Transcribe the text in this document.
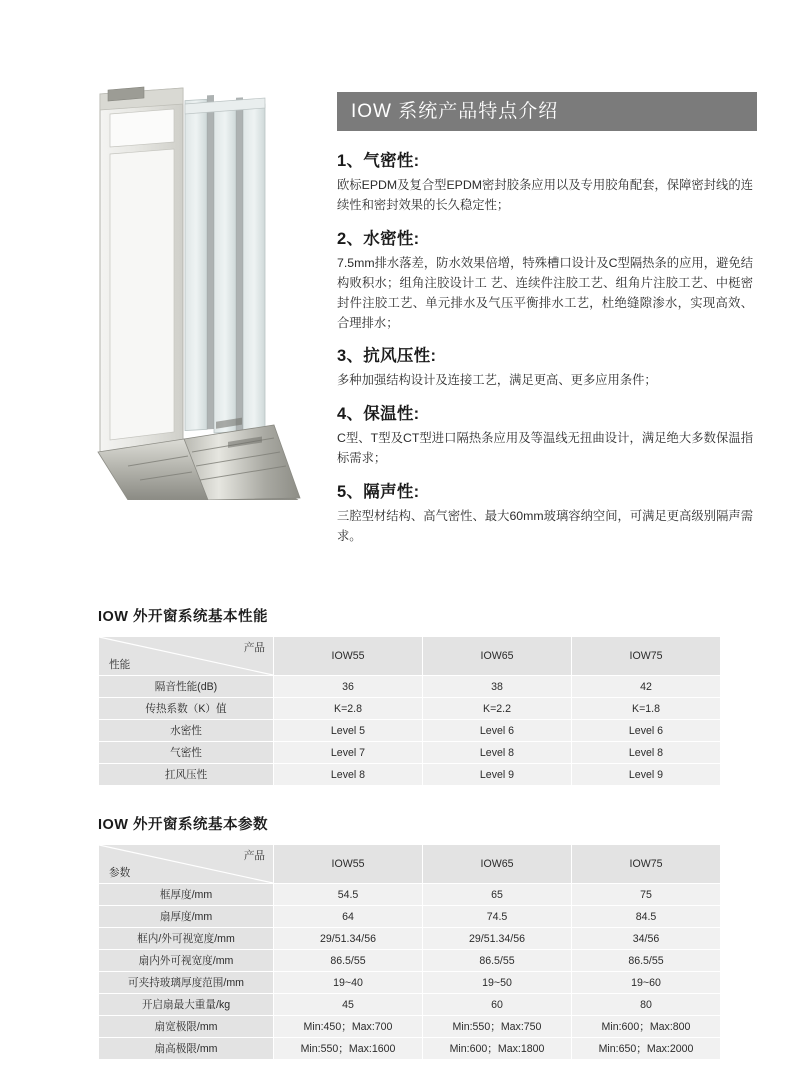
IOW 系统产品特点介绍
1、气密性:

欧标EPDM及复合型EPDM密封胶条应用以及专用胶角配套，保障密封线的连续性和密封效果的长久稳定性；

2、水密性:

7.5mm排水落差，防水效果倍增，特殊槽口设计及C型隔热条的应用，避免结构败积水；组角注胶设计工 艺、连续件注胶工艺、组角片注胶工艺、中梃密封件注胶工艺、单元排水及气压平衡排水工艺，杜绝缝隙渗水，实现高效、合理排水；

3、抗风压性:

多种加强结构设计及连接工艺，满足更高、更多应用条件；

4、保温性:

C型、T型及CT型进口隔热条应用及等温线无扭曲设计，满足绝大多数保温指标需求；

5、隔声性:

三腔型材结构、高气密性、最大60mm玻璃容纳空间，可满足更高级别隔声需求。

IOW 外开窗系统基本性能
产品
性能	IOW55	IOW65	IOW75
隔音性能(dB)	36	38	42
传热系数（K）值	K=2.8	K=2.2	K=1.8
水密性	Level 5	Level 6	Level 6
气密性	Level 7	Level 8	Level 8
扛风压性	Level 8	Level 9	Level 9
IOW 外开窗系统基本参数
产品
参数	IOW55	IOW65	IOW75
框厚度/mm	54.5	65	75
扇厚度/mm	64	74.5	84.5
框内/外可视宽度/mm	29/51.34/56	29/51.34/56	34/56
扇内外可视宽度/mm	86.5/55	86.5/55	86.5/55
可夹持玻璃厚度范围/mm	19~40	19~50	19~60
开启扇最大重量/kg	45	60	80
扇宽极限/mm	Min:450；Max:700	Min:550；Max:750	Min:600；Max:800
扇高极限/mm	Min:550；Max:1600	Min:600；Max:1800	Min:650；Max:2000
